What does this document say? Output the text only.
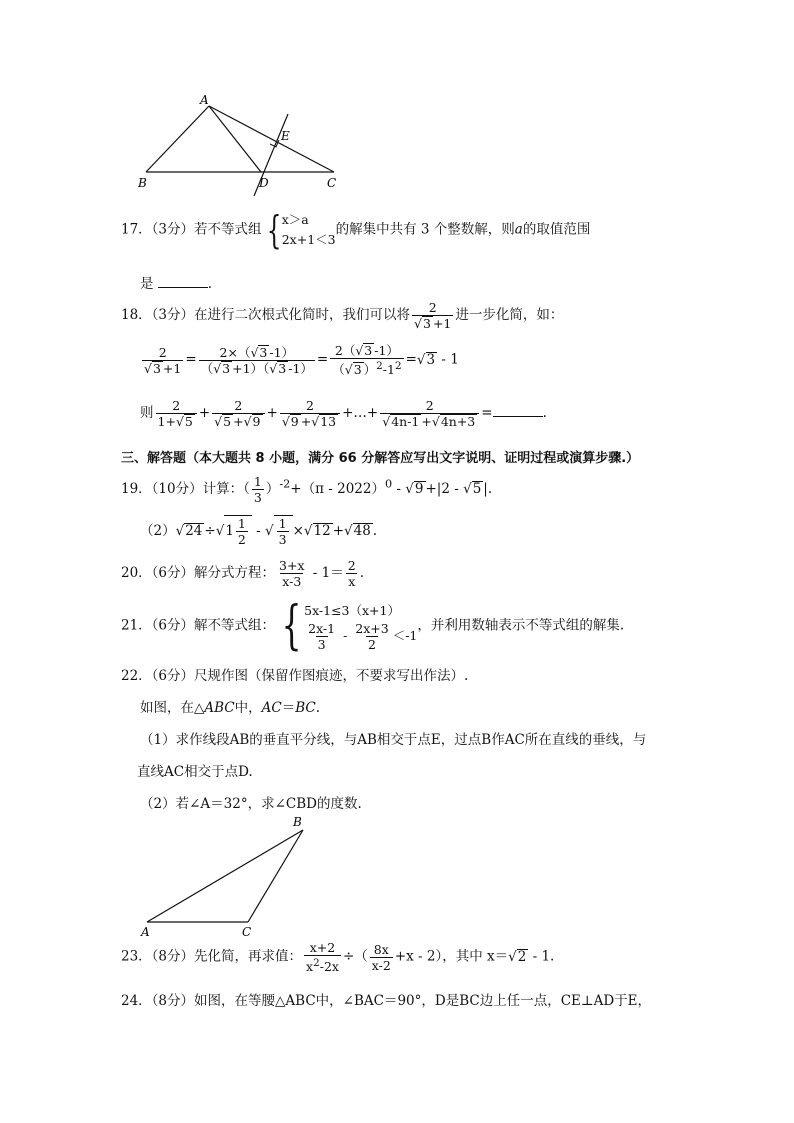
A
B	C
D
E
17．（3分）若不等式组 { x＞a
2x+1＜3
的解集中共有 3 个整数解，则a的取值范围
是	.
18．（3分）在进行二次根式化简时，我们可以将 2
√ 3 +1 进一步化简，如：
2
√ $3 +1 = \frac{2\times( √ 3 -1)}{( √ 3 +1)( √ 3 -1)} = \frac{2( √ 3 -1)}{( √ 3 )^2-1^2}$ = √ 3 - 1
则 $\frac{2}{1+ √ 5} + 2$
√ 5 + √ 9 + 2
√ 9 + √ 13 +…+ 2
√ 4n-1 + √ 4n+3 =	.
三、解答题（本大题共 8 小题，满分 66 分解答应写出文字说明、证明过程或演算步骤.）
19．（10分）计算：（ $\frac{1}{3} )^{-2}+(\pi - 2022)^0$ - √ 9 +|2 - √ 5 |.
（2） √ 24 ÷ √ $1 \frac{1}{2}$ - √ $\frac{1}{3}$ × √ 12 + √ 48 .
20．（6分）解分式方程： $\frac{3+x}{x-3} - 1= \frac{2}{x}$ .
21．（6分）解不等式组： { 5x-1≤3（x+1）
$\frac{2x-1}{3} - \frac{2x+3}{2} <-1$
，并利用数轴表示不等式组的解集.
22．（6分）尺规作图（保留作图痕迹，不要求写出作法）.
如图，在△ABC中，AC＝BC.
（1）求作线段AB的垂直平分线，与AB相交于点E，过点B作AC所在直线的垂线，与
直线AC相交于点D.
（2）若∠A＝32°，求∠CBD的度数.
B
A	C
23．（8分）先化简，再求值： $\frac{x+2}{x^2-2x}$ ÷（ $\frac{8x}{x-2} +x - 2$），其中 x＝ √ 2 - 1.
24．（8分）如图，在等腰△ABC中，∠BAC＝90°，D是BC边上任一点，CE⊥AD于E，
